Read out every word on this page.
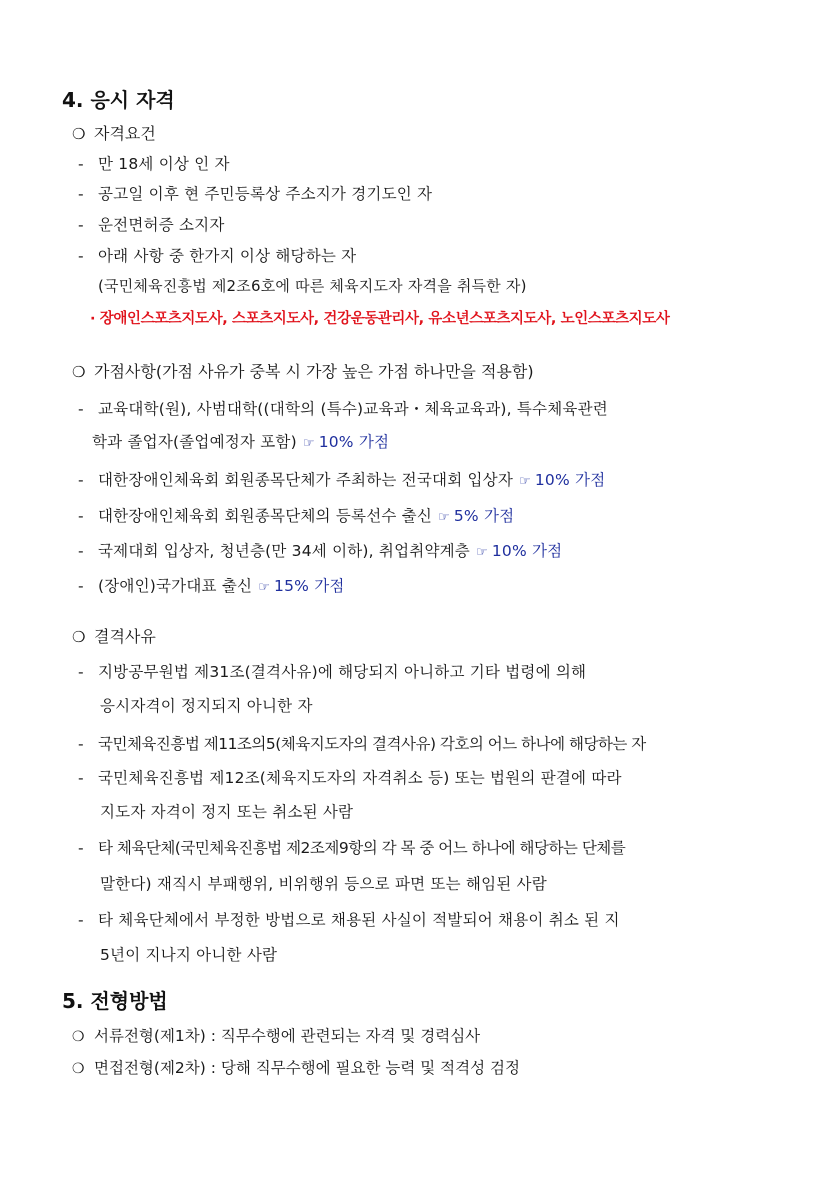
4. 응시 자격
❍ 자격요건
- 만 18세 이상 인 자
- 공고일 이후 현 주민등록상 주소지가 경기도인 자
- 운전면허증 소지자
- 아래 사항 중 한가지 이상 해당하는 자
(국민체육진흥법 제2조6호에 따른 체육지도자 자격을 취득한 자)
· 장애인스포츠지도사, 스포츠지도사, 건강운동관리사, 유소년스포츠지도사, 노인스포츠지도사
❍ 가점사항(가점 사유가 중복 시 가장 높은 가점 하나만을 적용함)
- 교육대학(원), 사범대학((대학의 (특수)교육과・체육교육과), 특수체육관련
학과 졸업자(졸업예정자 포함) ☞ 10% 가점
- 대한장애인체육회 회원종목단체가 주최하는 전국대회 입상자 ☞ 10% 가점
- 대한장애인체육회 회원종목단체의 등록선수 출신 ☞ 5% 가점
- 국제대회 입상자, 청년층(만 34세 이하), 취업취약계층 ☞ 10% 가점
- (장애인)국가대표 출신 ☞ 15% 가점
❍ 결격사유
- 지방공무원법 제31조(결격사유)에 해당되지 아니하고 기타 법령에 의해
응시자격이 정지되지 아니한 자
- 국민체육진흥법 제11조의5(체육지도자의 결격사유) 각호의 어느 하나에 해당하는 자
- 국민체육진흥법 제12조(체육지도자의 자격취소 등) 또는 법원의 판결에 따라
지도자 자격이 정지 또는 취소된 사람
- 타 체육단체(국민체육진흥법 제2조제9항의 각 목 중 어느 하나에 해당하는 단체를
말한다) 재직시 부패행위, 비위행위 등으로 파면 또는 해임된 사람
- 타 체육단체에서 부정한 방법으로 채용된 사실이 적발되어 채용이 취소 된 지
5년이 지나지 아니한 사람
5. 전형방법
❍ 서류전형(제1차) : 직무수행에 관련되는 자격 및 경력심사
❍ 면접전형(제2차) : 당해 직무수행에 필요한 능력 및 적격성 검정
